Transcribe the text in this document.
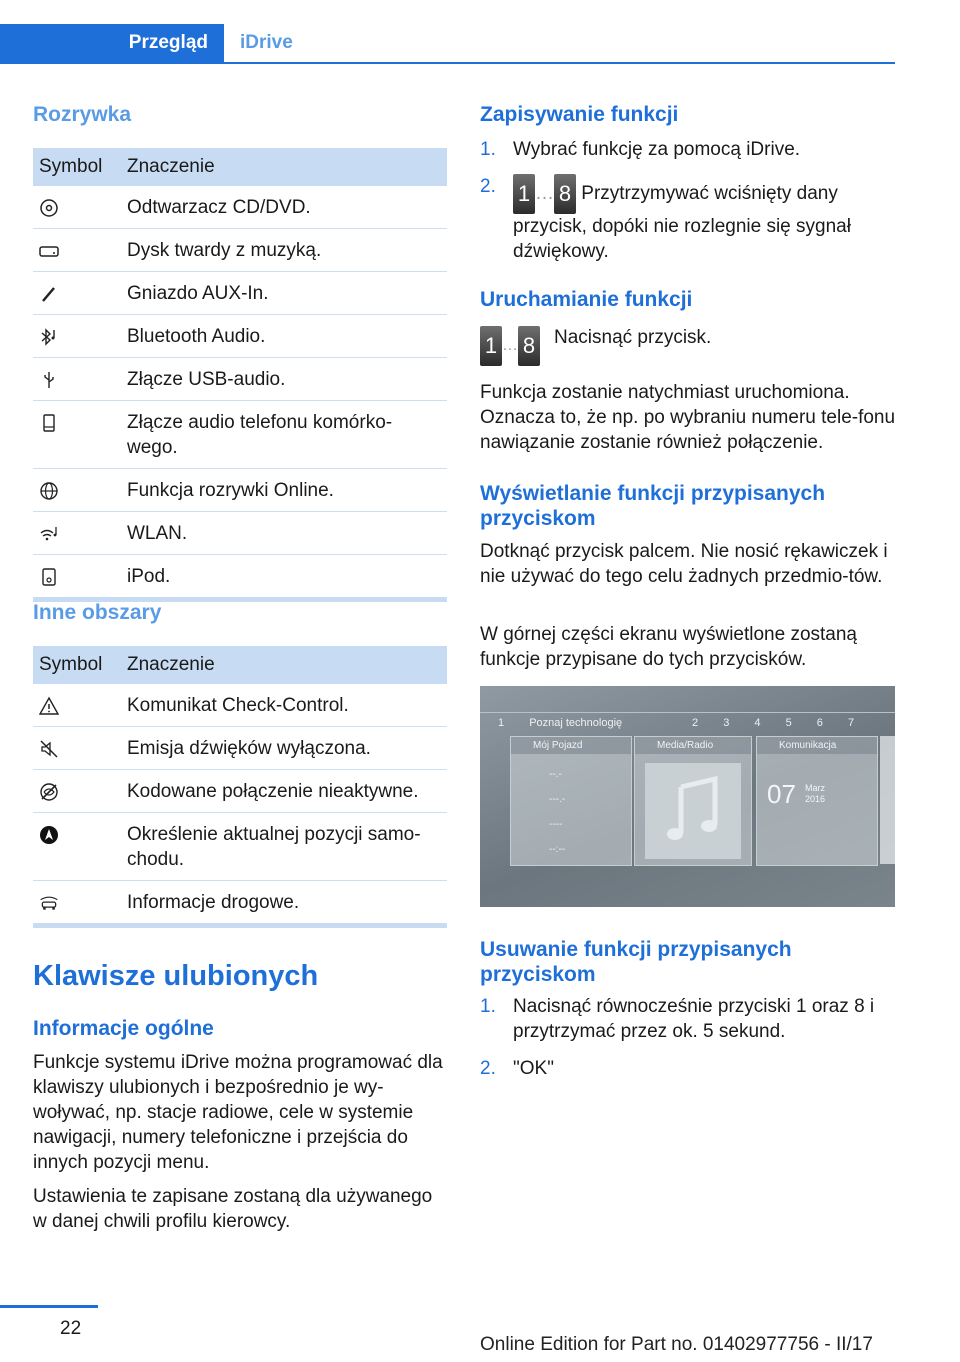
Przegląd	iDrive
Rozrywka
Symbol	Znaczenie
	Odtwarzacz CD/DVD.
	Dysk twardy z muzyką.
	Gniazdo AUX-In.
	Bluetooth Audio.
	Złącze USB-audio.
	Złącze audio telefonu komórko‐wego.
	Funkcja rozrywki Online.
	WLAN.
	iPod.
Inne obszary
Symbol	Znaczenie
	Komunikat Check-Control.
	Emisja dźwięków wyłączona.
	Kodowane połączenie nieaktywne.
	Określenie aktualnej pozycji samo‐chodu.
	Informacje drogowe.
Klawisze ulubionych
Informacje ogólne
Funkcje systemu iDrive można programować dla klawiszy ulubionych i bezpośrednio je wy‐woływać, np. stacje radiowe, cele w systemie nawigacji, numery telefoniczne i przejścia do innych pozycji menu.
Ustawienia te zapisane zostaną dla używanego w danej chwili profilu kierowcy.
Zapisywanie funkcji
1. Wybrać funkcję za pomocą iDrive.
2. 1 … 8 Przytrzymywać wciśnięty dany przycisk, dopóki nie rozlegnie się sygnał dźwiękowy.
Uruchamianie funkcji
1 … 8 Nacisnąć przycisk.
Funkcja zostanie natychmiast uruchomiona. Oznacza to, że np. po wybraniu numeru tele‐fonu nawiązanie zostanie również połączenie.
Wyświetlanie funkcji przypisanych przyciskom
Dotknąć przycisk palcem. Nie nosić rękawiczek i nie używać do tego celu żadnych przedmio‐tów.
W górnej części ekranu wyświetlone zostaną funkcje przypisane do tych przycisków.
1 Poznaj technologię	2 3 4 5 6 7
Mój Pojazd
--.-
---.-
----
--:--
Media/Radio	Komunikacja
07 Marz
2016
Usuwanie funkcji przypisanych przyciskom
1. Nacisnąć równocześnie przyciski 1 oraz 8 i przytrzymać przez ok. 5 sekund.
2. "OK"
22
Online Edition for Part no. 01402977756 - II/17
